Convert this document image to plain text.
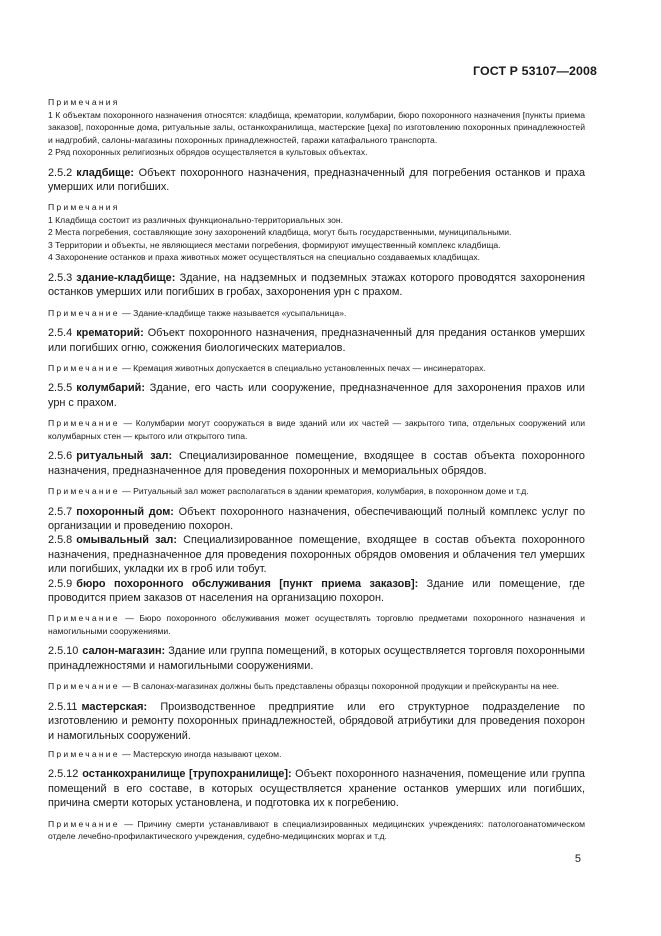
ГОСТ Р 53107—2008

Примечания

1 К объектам похоронного назначения относятся: кладбища, крематории, колумбарии, бюро похоронного назначения [пункты приема заказов], похоронные дома, ритуальные залы, останкохранилища, мастерские [цеха] по изготовлению похоронных принадлежностей и надгробий, салоны-магазины похоронных принадлежностей, гаражи катафального транспорта.

2 Ряд похоронных религиозных обрядов осуществляется в культовых объектах.

2.5.2 кладбище: Объект похоронного назначения, предназначенный для погребения останков и праха умерших или погибших.

Примечания

1 Кладбища состоит из различных функционально-территориальных зон.

2 Места погребения, составляющие зону захоронений кладбища, могут быть государственными, муниципальными.

3 Территории и объекты, не являющиеся местами погребения, формируют имущественный комплекс кладбища.

4 Захоронение останков и праха животных может осуществляться на специально создаваемых кладбищах.

2.5.3 здание-кладбище: Здание, на надземных и подземных этажах которого проводятся захоронения останков умерших или погибших в гробах, захоронения урн с прахом.

Примечание — Здание-кладбище также называется «усыпальница».

2.5.4 крематорий: Объект похоронного назначения, предназначенный для предания останков умерших или погибших огню, сожжения биологических материалов.

Примечание — Кремация животных допускается в специально установленных печах — инсинераторах.

2.5.5 колумбарий: Здание, его часть или сооружение, предназначенное для захоронения прахов или урн с прахом.

Примечание — Колумбарии могут сооружаться в виде зданий или их частей — закрытого типа, отдельных сооружений или колумбарных стен — крытого или открытого типа.

2.5.6 ритуальный зал: Специализированное помещение, входящее в состав объекта похоронного назначения, предназначенное для проведения похоронных и мемориальных обрядов.

Примечание — Ритуальный зал может располагаться в здании крематория, колумбария, в похоронном доме и т.д.

2.5.7 похоронный дом: Объект похоронного назначения, обеспечивающий полный комплекс услуг по организации и проведению похорон.

2.5.8 омывальный зал: Специализированное помещение, входящее в состав объекта похоронного назначения, предназначенное для проведения похоронных обрядов омовения и облачения тел умерших или погибших, укладки их в гроб или тобут.

2.5.9 бюро похоронного обслуживания [пункт приема заказов]: Здание или помещение, где проводится прием заказов от населения на организацию похорон.

Примечание — Бюро похоронного обслуживания может осуществлять торговлю предметами похоронного назначения и намогильными сооружениями.

2.5.10 салон-магазин: Здание или группа помещений, в которых осуществляется торговля похоронными принадлежностями и намогильными сооружениями.

Примечание — В салонах-магазинах должны быть представлены образцы похоронной продукции и прейскуранты на нее.

2.5.11 мастерская: Производственное предприятие или его структурное подразделение по изготовлению и ремонту похоронных принадлежностей, обрядовой атрибутики для проведения похорон и намогильных сооружений.

Примечание — Мастерскую иногда называют цехом.

2.5.12 останкохранилище [трупохранилище]: Объект похоронного назначения, помещение или группа помещений в его составе, в которых осуществляется хранение останков умерших или погибших, причина смерти которых установлена, и подготовка их к погребению.

Примечание — Причину смерти устанавливают в специализированных медицинских учреждениях: патологоанатомическом отделе лечебно-профилактического учреждения, судебно-медицинских моргах и т.д.

5
